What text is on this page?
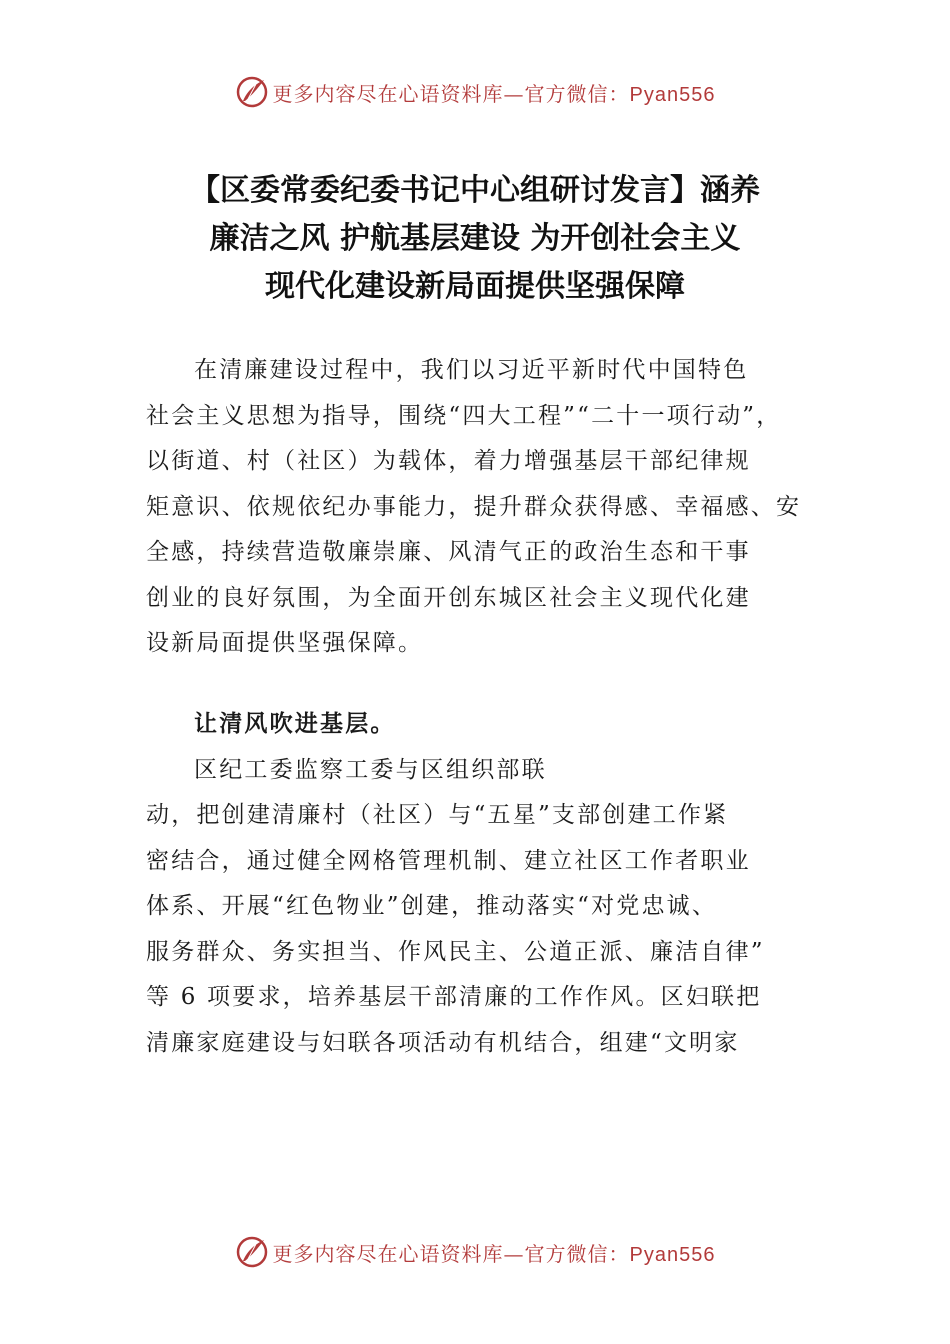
更多内容尽在心语资料库—官方微信：Pyan556
【区委常委纪委书记中心组研讨发言】涵养
廉洁之风 护航基层建设 为开创社会主义
现代化建设新局面提供坚强保障

在清廉建设过程中，我们以习近平新时代中国特色
社会主义思想为指导，围绕“四大工程”“二十一项行动”，
以街道、村（社区）为载体，着力增强基层干部纪律规
矩意识、依规依纪办事能力，提升群众获得感、幸福感、安
全感，持续营造敬廉崇廉、风清气正的政治生态和干事
创业的良好氛围，为全面开创东城区社会主义现代化建
设新局面提供坚强保障。

让清风吹进基层。
区纪工委监察工委与区组织部联
动，把创建清廉村（社区）与“五星”支部创建工作紧
密结合，通过健全网格管理机制、建立社区工作者职业
体系、开展“红色物业”创建，推动落实“对党忠诚、
服务群众、务实担当、作风民主、公道正派、廉洁自律”
等 6 项要求，培养基层干部清廉的工作作风。区妇联把
清廉家庭建设与妇联各项活动有机结合，组建“文明家

更多内容尽在心语资料库—官方微信：Pyan556
